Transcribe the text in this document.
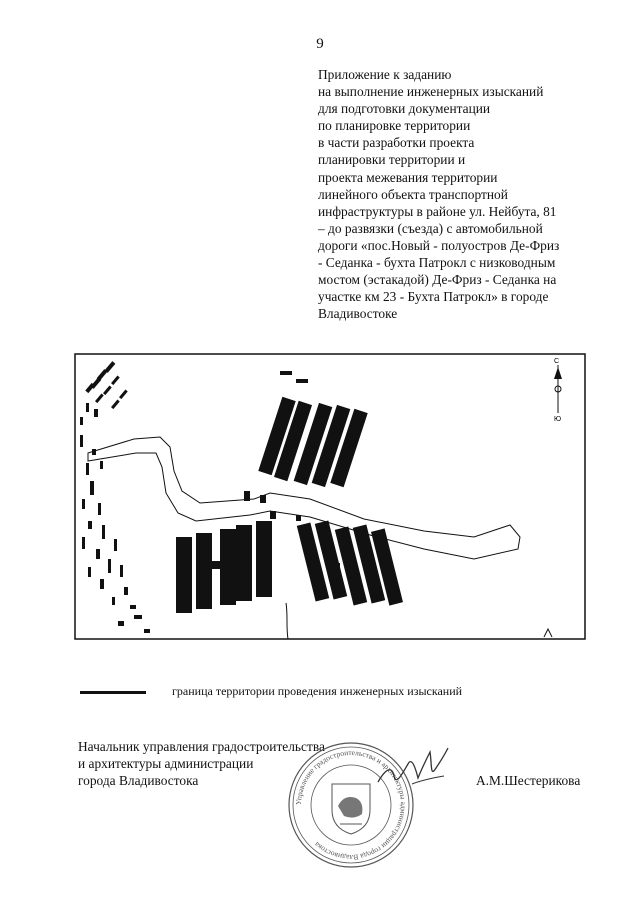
9
Приложение к заданию
на выполнение инженерных изысканий
для подготовки документации
по планировке территории
в части разработки проекта
планировки территории и
проекта межевания территории
линейного объекта транспортной
инфраструктуры в районе ул. Нейбута, 81
– до развязки (съезда) с автомобильной
дороги «пос.Новый - полуостров Де-Фриз
- Седанка - бухта Патрокл с низководным
мостом (эстакадой) Де-Фриз - Седанка на
участке км 23 - Бухта Патрокл» в городе
Владивостоке
С
Ю
граница территории проведения инженерных изысканий
Начальник управления градостроительства
и архитектуры администрации
города Владивостока
Управление градостроительства и архитектуры администрации города Владивостока
А.М.Шестерикова
